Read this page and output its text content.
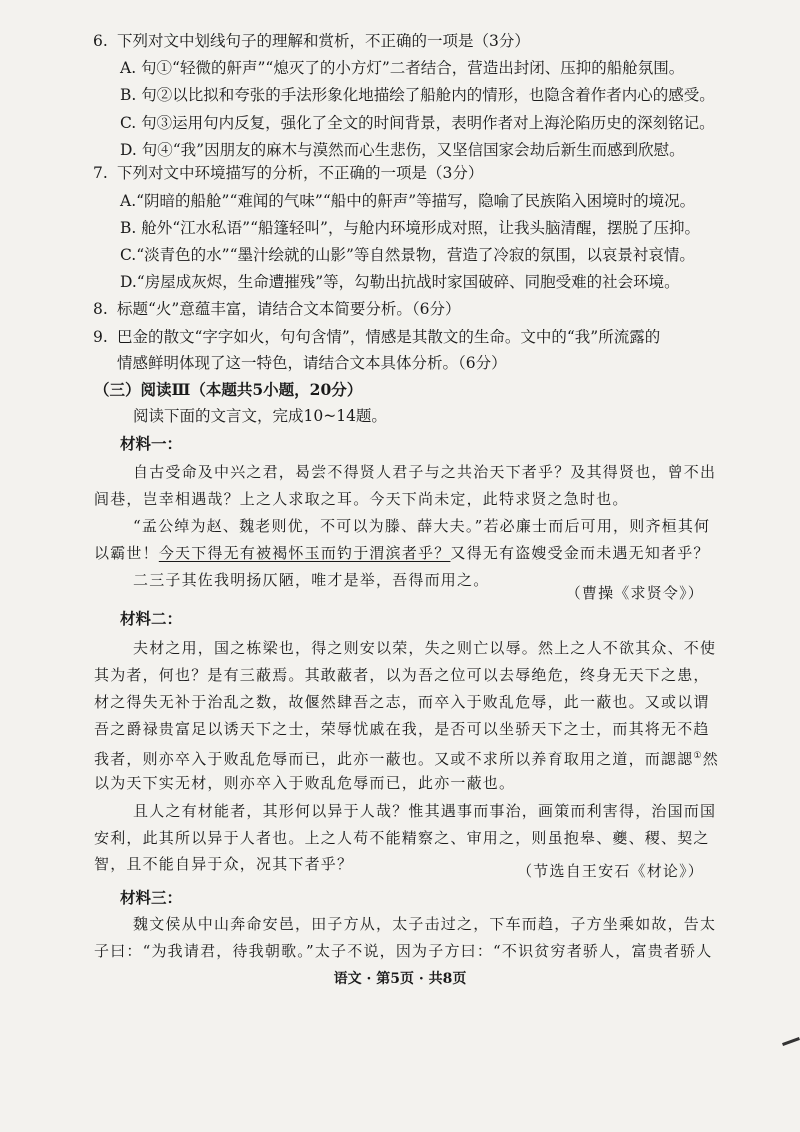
6. 下列对文中划线句子的理解和赏析，不正确的一项是（3分）
A. 句①“轻微的鼾声”“熄灭了的小方灯”二者结合，营造出封闭、压抑的船舱氛围。
B. 句②以比拟和夸张的手法形象化地描绘了船舱内的情形，也隐含着作者内心的感受。
C. 句③运用句内反复，强化了全文的时间背景，表明作者对上海沦陷历史的深刻铭记。
D. 句④“我”因朋友的麻木与漠然而心生悲伤，又坚信国家会劫后新生而感到欣慰。
7. 下列对文中环境描写的分析，不正确的一项是（3分）
A.“阴暗的船舱”“难闻的气味”“船中的鼾声”等描写，隐喻了民族陷入困境时的境况。
B. 舱外“江水私语”“船篷轻叫”，与舱内环境形成对照，让我头脑清醒，摆脱了压抑。
C.“淡青色的水”“墨汁绘就的山影”等自然景物，营造了冷寂的氛围，以哀景衬哀情。
D.“房屋成灰烬，生命遭摧残”等，勾勒出抗战时家国破碎、同胞受难的社会环境。
8. 标题“火”意蕴丰富，请结合文本简要分析。（6分）
9. 巴金的散文“字字如火，句句含情”，情感是其散文的生命。文中的“我”所流露的
情感鲜明体现了这一特色，请结合文本具体分析。（6分）
（三）阅读Ⅲ（本题共5小题，20分）
阅读下面的文言文，完成10~14题。
材料一：
自古受命及中兴之君，曷尝不得贤人君子与之共治天下者乎？及其得贤也，曾不出
闾巷，岂幸相遇哉？上之人求取之耳。今天下尚未定，此特求贤之急时也。
“孟公绰为赵、魏老则优，不可以为滕、薛大夫。”若必廉士而后可用，则齐桓其何
以霸世！今天下得无有被褐怀玉而钓于渭滨者乎？又得无有盗嫂受金而未遇无知者乎？
二三子其佐我明扬仄陋，唯才是举，吾得而用之。
（曹操《求贤令》）
材料二：
夫材之用，国之栋梁也，得之则安以荣，失之则亡以辱。然上之人不欲其众、不使
其为者，何也？是有三蔽焉。其敢蔽者，以为吾之位可以去辱绝危，终身无天下之患，
材之得失无补于治乱之数，故偃然肆吾之志，而卒入于败乱危辱，此一蔽也。又或以谓
吾之爵禄贵富足以诱天下之士，荣辱忧戚在我，是否可以坐骄天下之士，而其将无不趋
我者，则亦卒入于败乱危辱而已，此亦一蔽也。又或不求所以养育取用之道，而諰諰①然
以为天下实无材，则亦卒入于败乱危辱而已，此亦一蔽也。
且人之有材能者，其形何以异于人哉？惟其遇事而事治，画策而利害得，治国而国
安利，此其所以异于人者也。上之人苟不能精察之、审用之，则虽抱皋、夔、稷、契之
智，且不能自异于众，况其下者乎？	（节选自王安石《材论》）
材料三：
魏文侯从中山奔命安邑，田子方从，太子击过之，下车而趋，子方坐乘如故，告太
子曰：“为我请君，待我朝歌。”太子不说，因为子方曰：“不识贫穷者骄人，富贵者骄人
语文 · 第5页 · 共8页
